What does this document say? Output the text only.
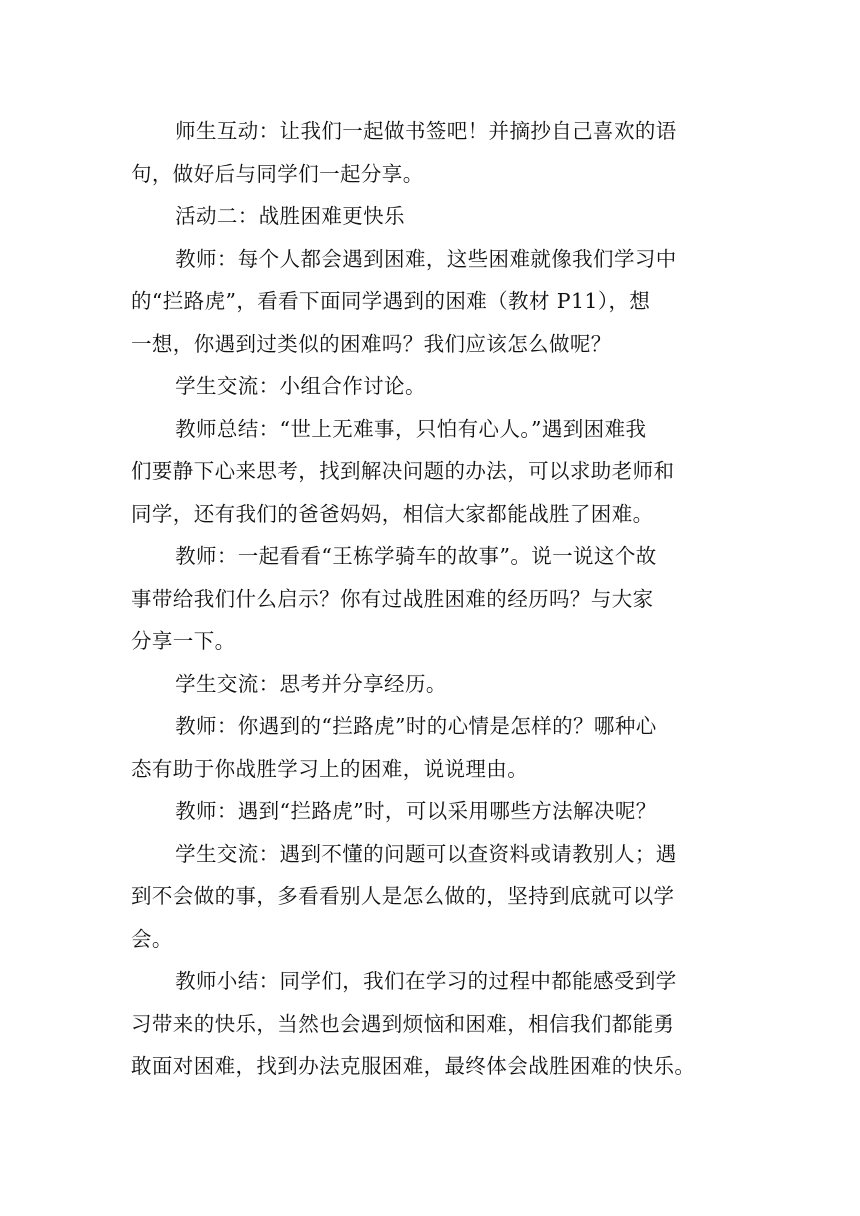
师生互动：让我们一起做书签吧！并摘抄自己喜欢的语
句，做好后与同学们一起分享。

活动二：战胜困难更快乐

教师：每个人都会遇到困难，这些困难就像我们学习中
的“拦路虎”，看看下面同学遇到的困难（教材 P11），想
一想，你遇到过类似的困难吗？我们应该怎么做呢？

学生交流：小组合作讨论。

教师总结：“世上无难事，只怕有心人。”遇到困难我
们要静下心来思考，找到解决问题的办法，可以求助老师和
同学，还有我们的爸爸妈妈，相信大家都能战胜了困难。

教师：一起看看“王栋学骑车的故事”。说一说这个故
事带给我们什么启示？你有过战胜困难的经历吗？与大家
分享一下。

学生交流：思考并分享经历。

教师：你遇到的“拦路虎”时的心情是怎样的？哪种心
态有助于你战胜学习上的困难，说说理由。

教师：遇到“拦路虎”时，可以采用哪些方法解决呢？

学生交流：遇到不懂的问题可以查资料或请教别人；遇
到不会做的事，多看看别人是怎么做的，坚持到底就可以学
会。

教师小结：同学们，我们在学习的过程中都能感受到学
习带来的快乐，当然也会遇到烦恼和困难，相信我们都能勇
敢面对困难，找到办法克服困难，最终体会战胜困难的快乐。
